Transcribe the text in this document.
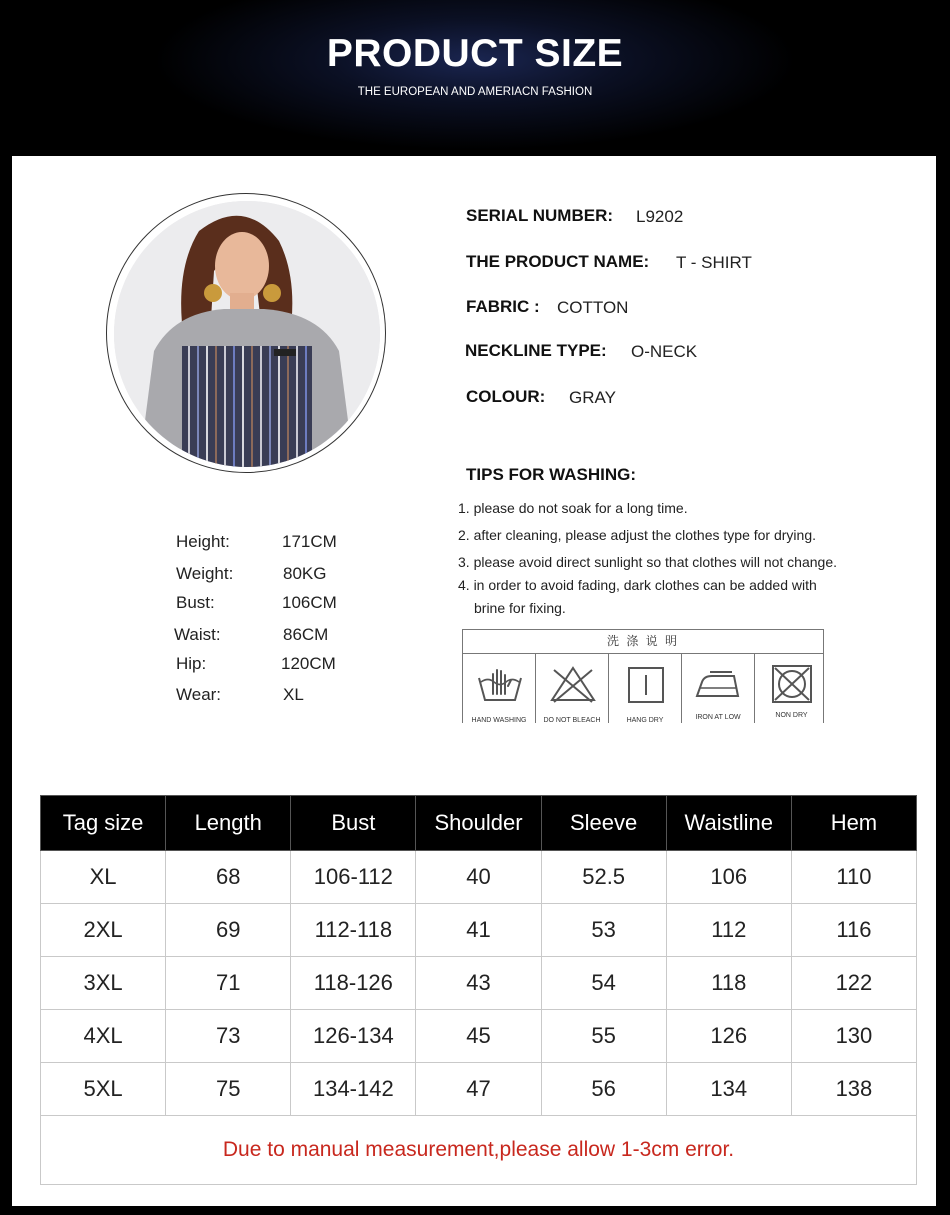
PRODUCT SIZE
THE EUROPEAN AND AMERIACN FASHION
SERIAL NUMBER: L9202
THE PRODUCT NAME: T - SHIRT
FABRIC : COTTON
NECKLINE TYPE: O-NECK
COLOUR: GRAY
TIPS FOR WASHING:
1. please do not soak for a long time.
2. after cleaning, please adjust the clothes type for drying.
3. please avoid direct sunlight so that clothes will not change.
4. in order to avoid fading, dark clothes can be added with
brine for fixing.
洗 涤 说 明
HAND WASHING	DO NOT BLEACH	HANG DRY	IRON AT LOW	NON DRY
Height:	171CM
Weight:	80KG
Bust:	106CM
Waist:	86CM
Hip:	120CM
Wear:	XL
Tag size	Length	Bust	Shoulder	Sleeve	Waistline	Hem
XL	68	106-112	40	52.5	106	110
2XL	69	112-118	41	53	112	116
3XL	71	118-126	43	54	118	122
4XL	73	126-134	45	55	126	130
5XL	75	134-142	47	56	134	138
Due to manual measurement,please allow 1-3cm error.						
